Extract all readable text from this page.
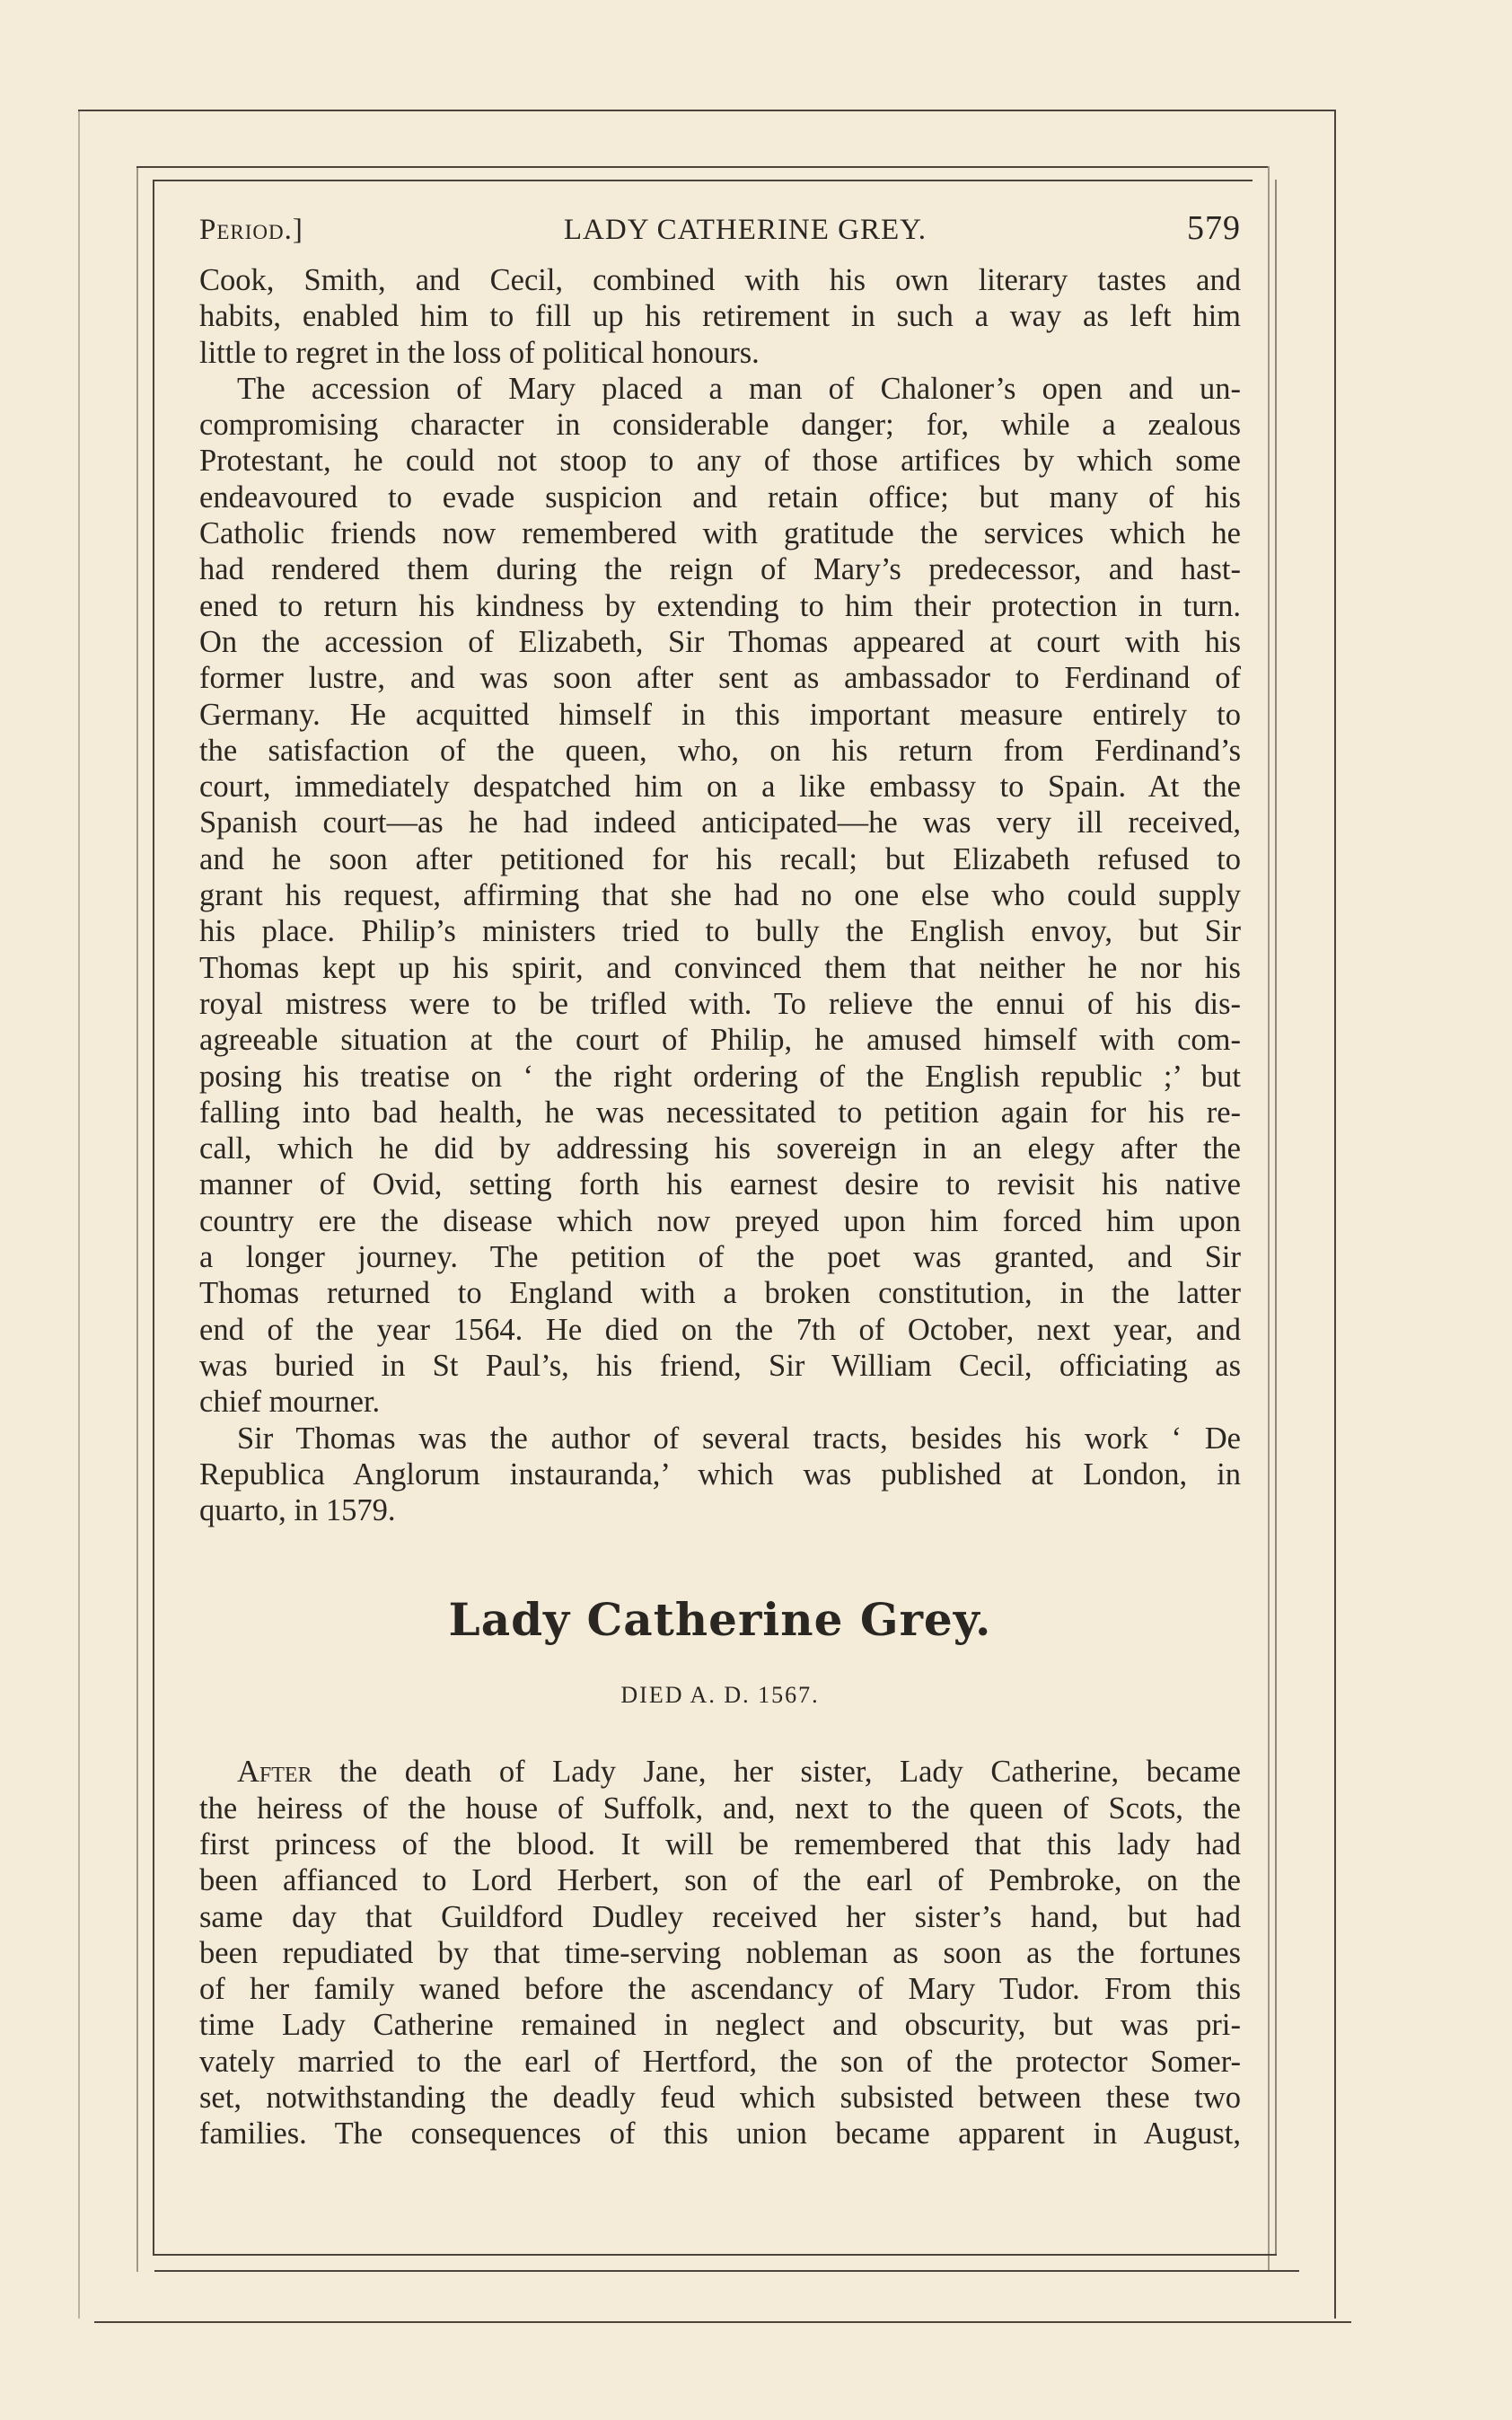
Period.]	LADY CATHERINE GREY.	579

Cook, Smith, and Cecil, combined with his own literary tastes and
habits, enabled him to fill up his retirement in such a way as left him
little to regret in the loss of political honours.

The accession of Mary placed a man of Chaloner’s open and un-
compromising character in considerable danger; for, while a zealous
Protestant, he could not stoop to any of those artifices by which some
endeavoured to evade suspicion and retain office; but many of his
Catholic friends now remembered with gratitude the services which he
had rendered them during the reign of Mary’s predecessor, and hast-
ened to return his kindness by extending to him their protection in turn.
On the accession of Elizabeth, Sir Thomas appeared at court with his
former lustre, and was soon after sent as ambassador to Ferdinand of
Germany. He acquitted himself in this important measure entirely to
the satisfaction of the queen, who, on his return from Ferdinand’s
court, immediately despatched him on a like embassy to Spain. At the
Spanish court—as he had indeed anticipated—he was very ill received,
and he soon after petitioned for his recall; but Elizabeth refused to
grant his request, affirming that she had no one else who could supply
his place. Philip’s ministers tried to bully the English envoy, but Sir
Thomas kept up his spirit, and convinced them that neither he nor his
royal mistress were to be trifled with. To relieve the ennui of his dis-
agreeable situation at the court of Philip, he amused himself with com-
posing his treatise on ‘ the right ordering of the English republic ;’ but
falling into bad health, he was necessitated to petition again for his re-
call, which he did by addressing his sovereign in an elegy after the
manner of Ovid, setting forth his earnest desire to revisit his native
country ere the disease which now preyed upon him forced him upon
a longer journey. The petition of the poet was granted, and Sir
Thomas returned to England with a broken constitution, in the latter
end of the year 1564. He died on the 7th of October, next year, and
was buried in St Paul’s, his friend, Sir William Cecil, officiating as
chief mourner.

Sir Thomas was the author of several tracts, besides his work ‘ De
Republica Anglorum instauranda,’ which was published at London, in
quarto, in 1579.

Lady Catherine Grey.
DIED A. D. 1567.

After the death of Lady Jane, her sister, Lady Catherine, became
the heiress of the house of Suffolk, and, next to the queen of Scots, the
first princess of the blood. It will be remembered that this lady had
been affianced to Lord Herbert, son of the earl of Pembroke, on the
same day that Guildford Dudley received her sister’s hand, but had
been repudiated by that time-serving nobleman as soon as the fortunes
of her family waned before the ascendancy of Mary Tudor. From this
time Lady Catherine remained in neglect and obscurity, but was pri-
vately married to the earl of Hertford, the son of the protector Somer-
set, notwithstanding the deadly feud which subsisted between these two
families. The consequences of this union became apparent in August,
